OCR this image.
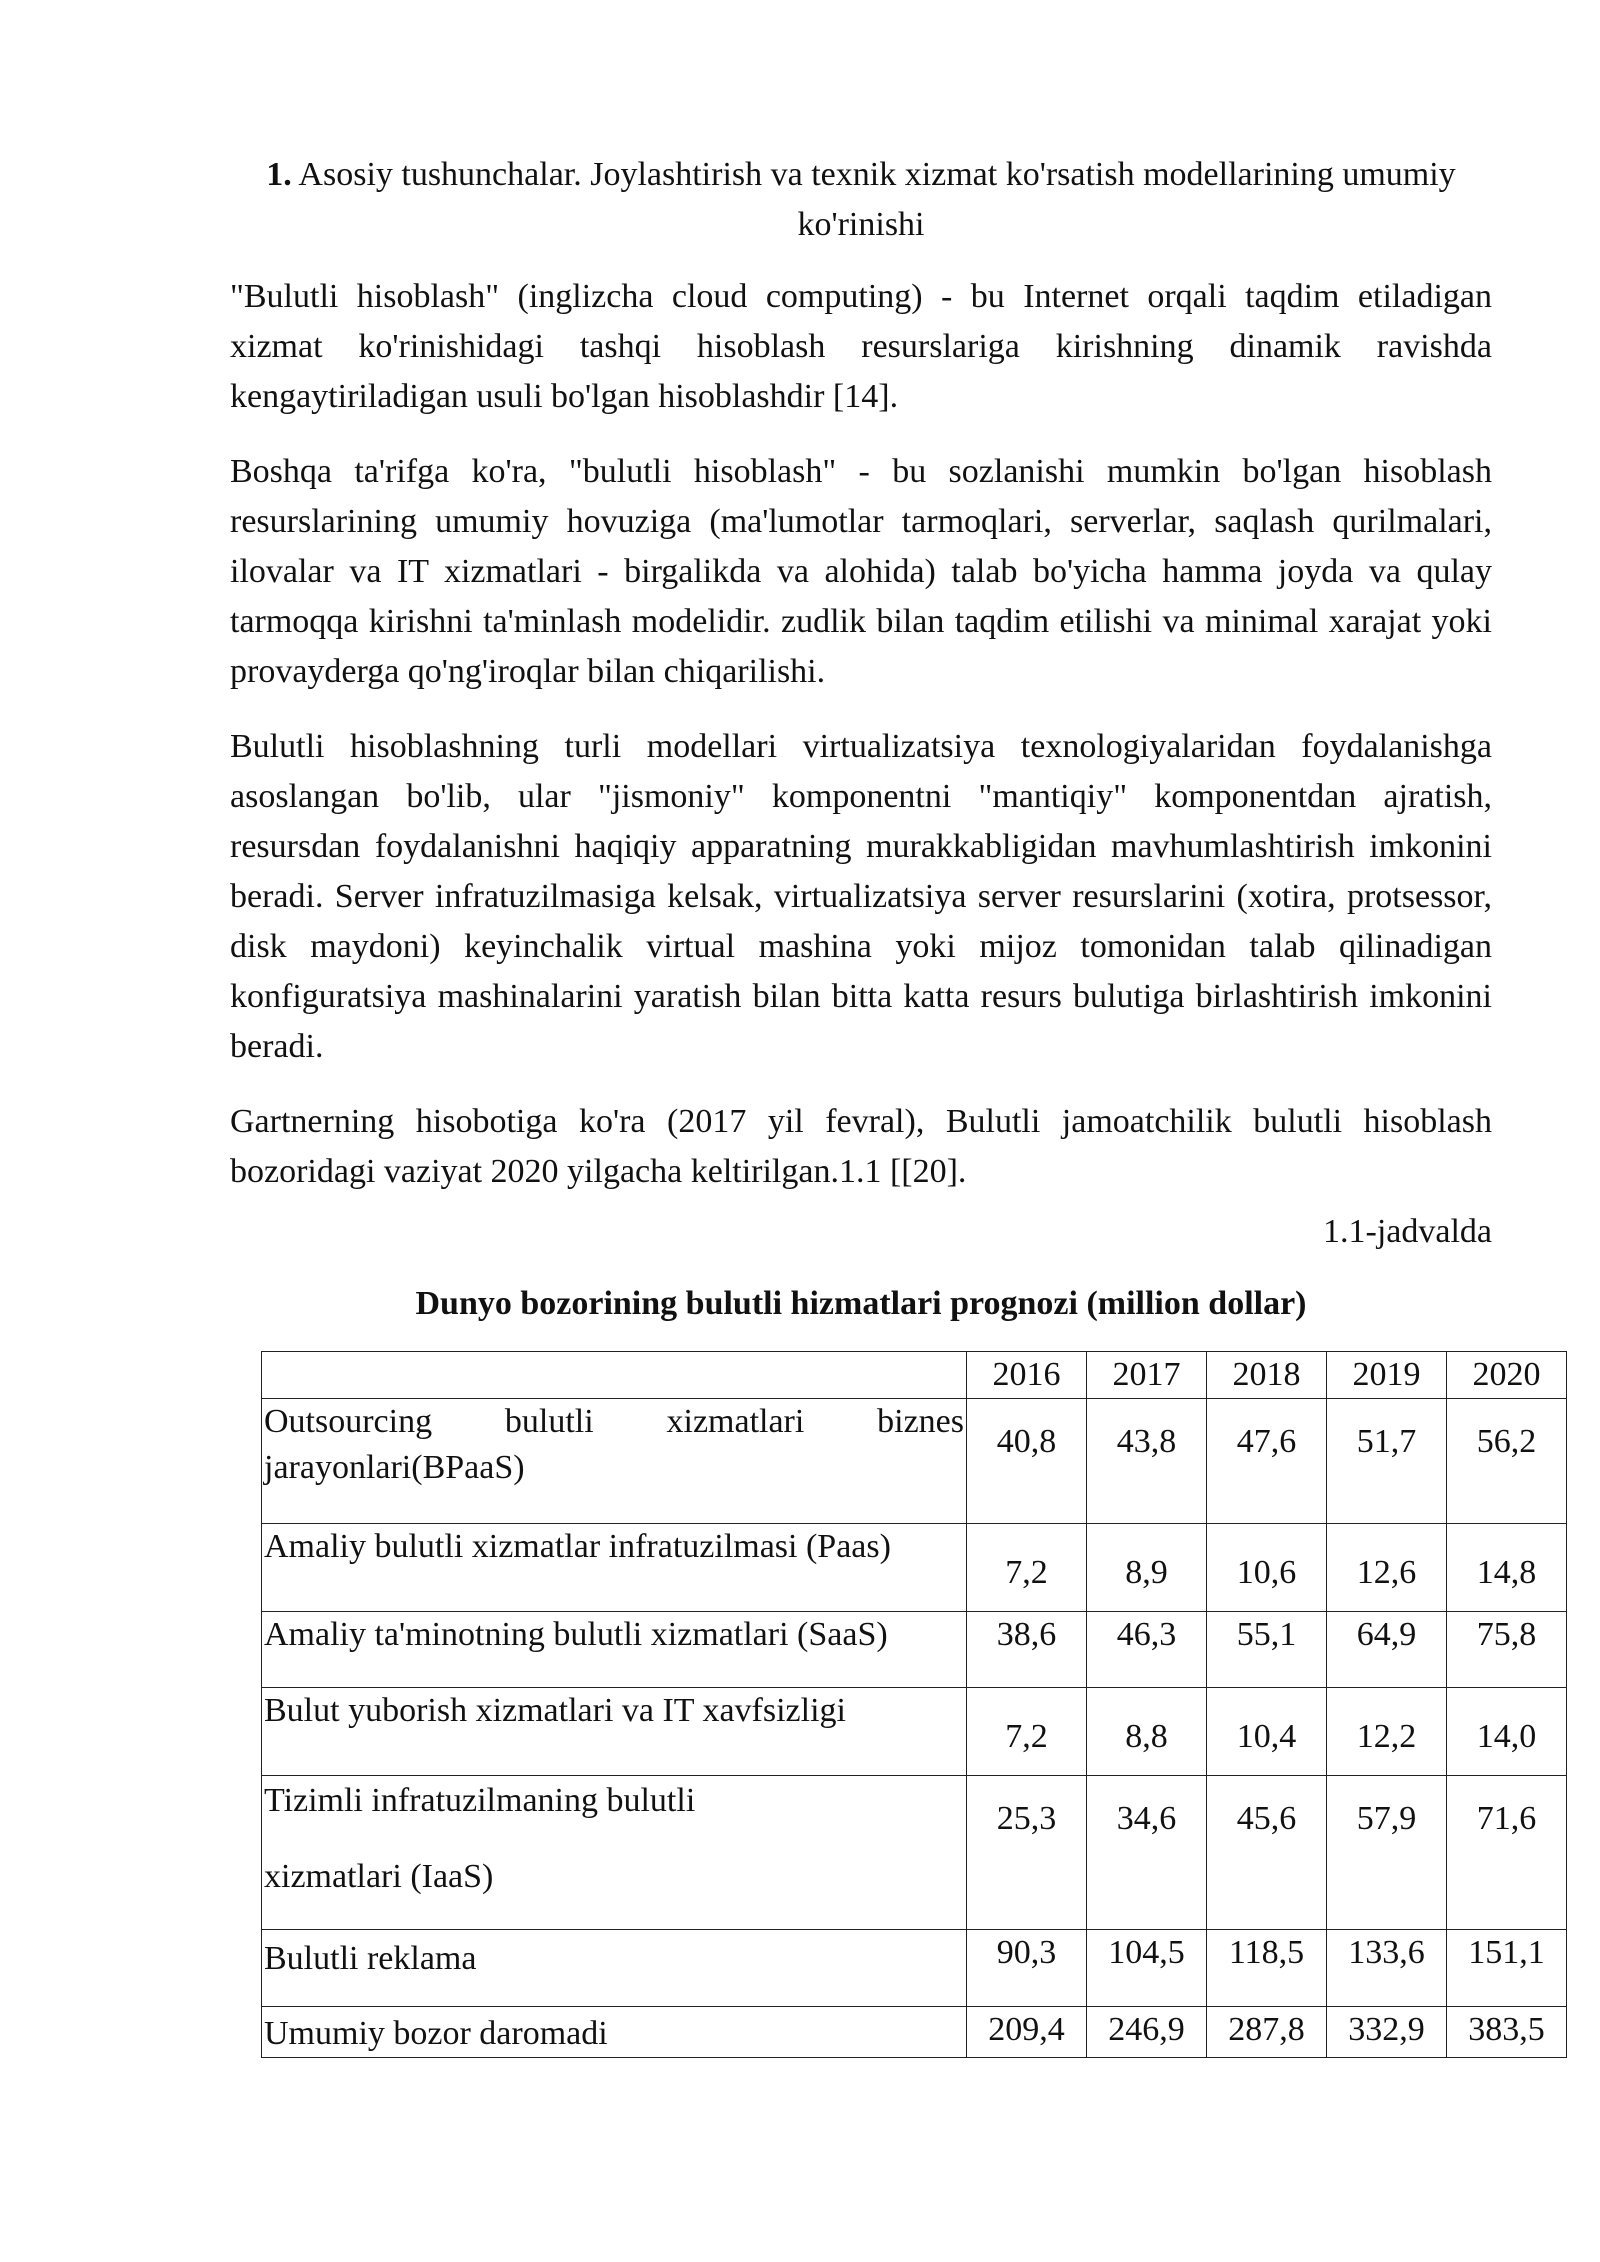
1. Asosiy tushunchalar. Joylashtirish va texnik xizmat ko'rsatish modellarining umumiy ko'rinishi

"Bulutli hisoblash" (inglizcha cloud computing) - bu Internet orqali taqdim etiladigan xizmat ko'rinishidagi tashqi hisoblash resurslariga kirishning dinamik ravishda kengaytiriladigan usuli bo'lgan hisoblashdir [14].

Boshqa ta'rifga ko'ra, "bulutli hisoblash" - bu sozlanishi mumkin bo'lgan hisoblash resurslarining umumiy hovuziga (ma'lumotlar tarmoqlari, serverlar, saqlash qurilmalari, ilovalar va IT xizmatlari - birgalikda va alohida) talab bo'yicha hamma joyda va qulay tarmoqqa kirishni ta'minlash modelidir. zudlik bilan taqdim etilishi va minimal xarajat yoki provayderga qo'ng'iroqlar bilan chiqarilishi.

Bulutli hisoblashning turli modellari virtualizatsiya texnologiyalaridan foydalanishga asoslangan bo'lib, ular "jismoniy" komponentni "mantiqiy" komponentdan ajratish, resursdan foydalanishni haqiqiy apparatning murakkabligidan mavhumlashtirish imkonini beradi. Server infratuzilmasiga kelsak, virtualizatsiya server resurslarini (xotira, protsessor, disk maydoni) keyinchalik virtual mashina yoki mijoz tomonidan talab qilinadigan konfiguratsiya mashinalarini yaratish bilan bitta katta resurs bulutiga birlashtirish imkonini beradi.

Gartnerning hisobotiga ko'ra (2017 yil fevral), Bulutli jamoatchilik bulutli hisoblash bozoridagi vaziyat 2020 yilgacha keltirilgan.1.1 [[20].

1.1-jadvalda
Dunyo bozorining bulutli hizmatlari prognozi (million dollar)
	2016	2017	2018	2019	2020
Outsourcing bulutli xizmatlari biznes jarayonlari(BPaaS)	40,8	43,8	47,6	51,7	56,2
Amaliy bulutli xizmatlar infratuzilmasi (Paas)	7,2	8,9	10,6	12,6	14,8
Amaliy ta'minotning bulutli xizmatlari (SaaS)	38,6	46,3	55,1	64,9	75,8
Bulut yuborish xizmatlari va IT xavfsizligi	7,2	8,8	10,4	12,2	14,0

Tizimli infratuzilmaning bulutli
xizmatlari (IaaS)	25,3	34,6	45,6	57,9	71,6
Bulutli reklama	90,3	104,5	118,5	133,6	151,1
Umumiy bozor daromadi	209,4	246,9	287,8	332,9	383,5
